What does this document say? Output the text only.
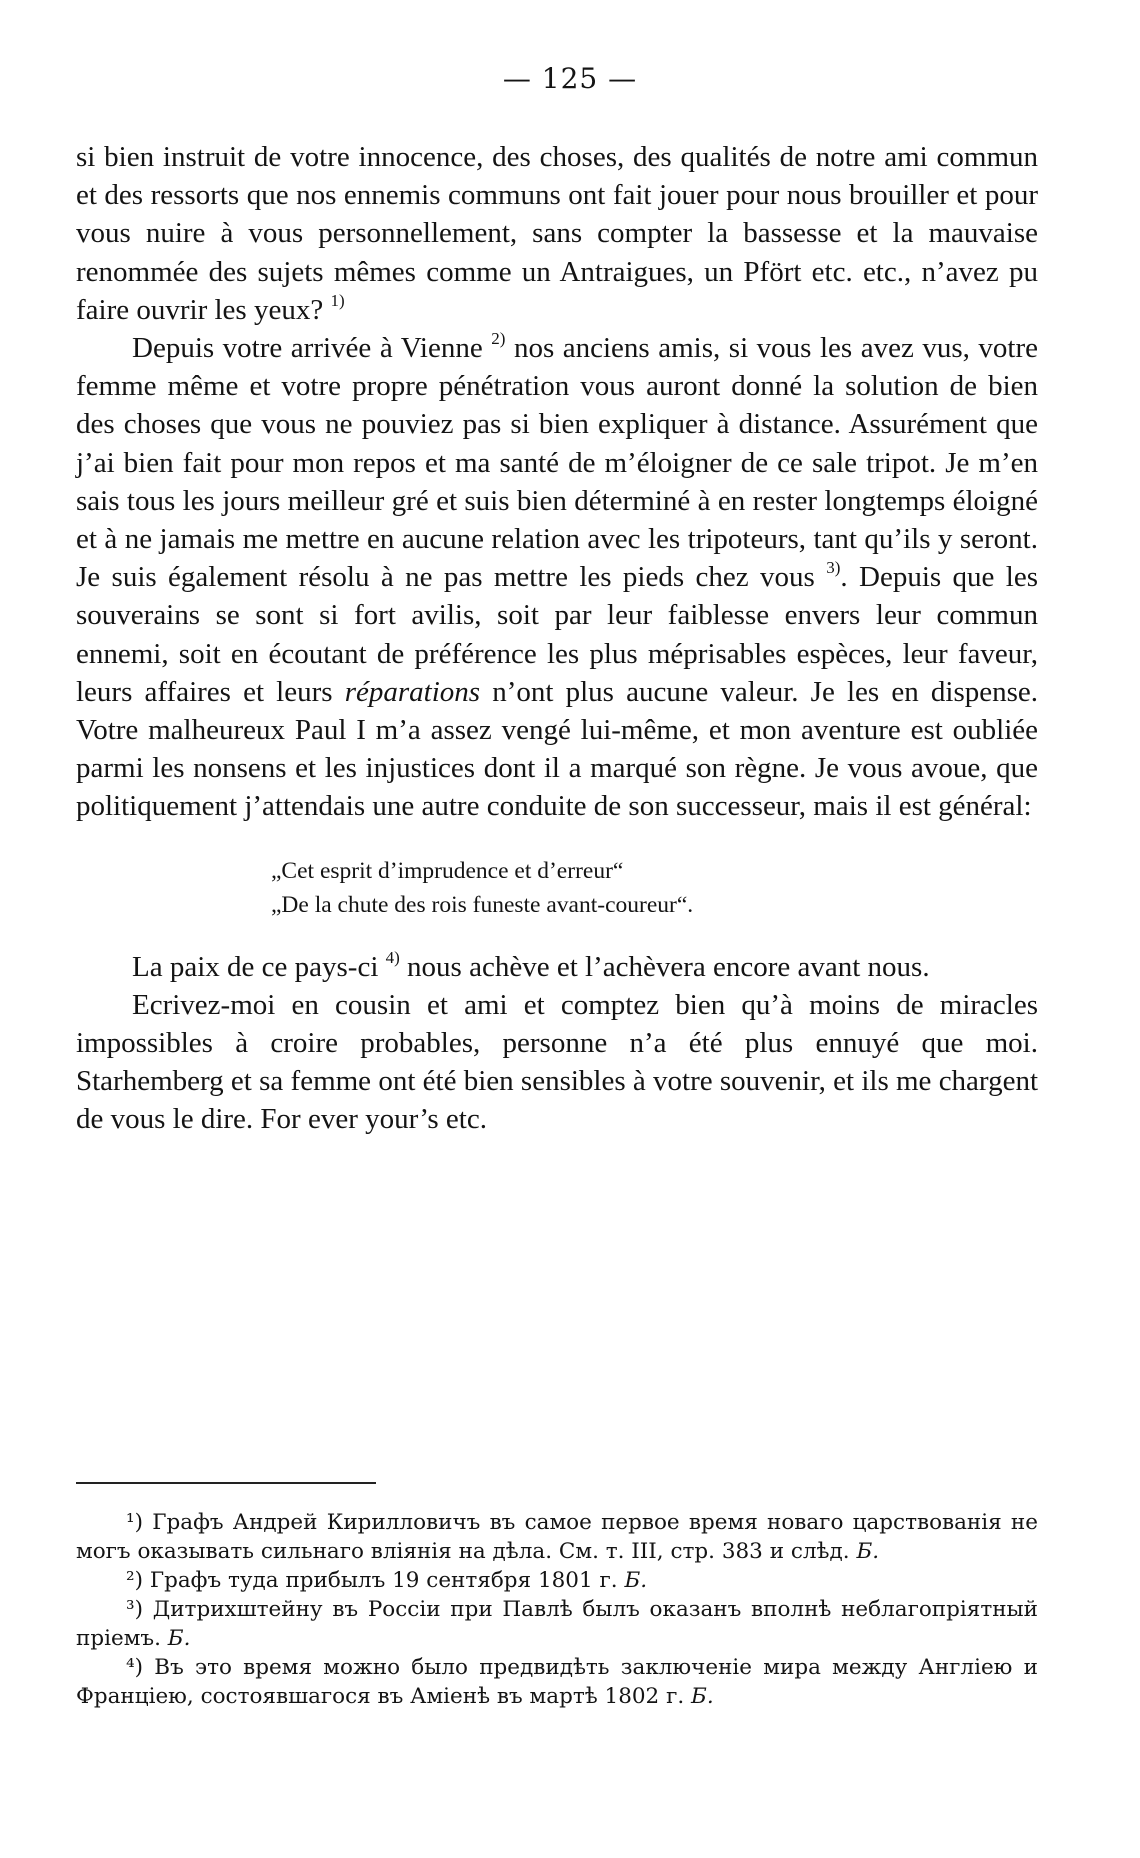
— 125 —

si bien instruit de votre innocence, des choses, des qualités de notre ami commun et des ressorts que nos ennemis communs ont fait jouer pour nous brouiller et pour vous nuire à vous personnellement, sans compter la bassesse et la mauvaise renommée des sujets mêmes comme un Antraigues, un Pfört etc. etc., n’avez pu faire ouvrir les yeux? $^{1)}$

Depuis votre arrivée à Vienne $^{2)}$ nos anciens amis, si vous les avez vus, votre femme même et votre propre pénétration vous auront donné la solution de bien des choses que vous ne pouviez pas si bien expliquer à distance. Assurément que j’ai bien fait pour mon repos et ma santé de m’éloigner de ce sale tripot. Je m’en sais tous les jours meilleur gré et suis bien déterminé à en rester longtemps éloigné et à ne jamais me mettre en aucune relation avec les tripoteurs, tant qu’ils y seront. Je suis également résolu à ne pas mettre les pieds chez vous $^{3)}$. Depuis que les souverains se sont si fort avilis, soit par leur faiblesse envers leur commun ennemi, soit en écoutant de préférence les plus méprisables espèces, leur faveur, leurs affaires et leurs réparations n’ont plus aucune valeur. Je les en dispense. Votre malheureux Paul I m’a assez vengé lui-même, et mon aventure est oubliée parmi les nonsens et les injustices dont il a marqué son règne. Je vous avoue, que politiquement j’attendais une autre conduite de son successeur, mais il est général:

„Cet esprit d’imprudence et d’erreur“
„De la chute des rois funeste avant-coureur“.

La paix de ce pays-ci $^{4)}$ nous achève et l’achèvera encore avant nous.

Ecrivez-moi en cousin et ami et comptez bien qu’à moins de miracles impossibles à croire probables, personne n’a été plus ennuyé que moi. Starhemberg et sa femme ont été bien sensibles à votre souvenir, et ils me chargent de vous le dire. For ever your’s etc.

¹) Графъ Андрей Кирилловичъ въ самое первое время новаго царствованія не могъ оказывать сильнаго вліянія на дѣла. См. т. III, стр. 383 и слѣд. Б.

²) Графъ туда прибылъ 19 сентября 1801 г. Б.

³) Дитрихштейну въ Россіи при Павлѣ былъ оказанъ вполнѣ неблагопріятный пріемъ. Б.

⁴) Въ это время можно было предвидѣть заключеніе мира между Англіею и Франціею, состоявшагося въ Аміенѣ въ мартѣ 1802 г. Б.
